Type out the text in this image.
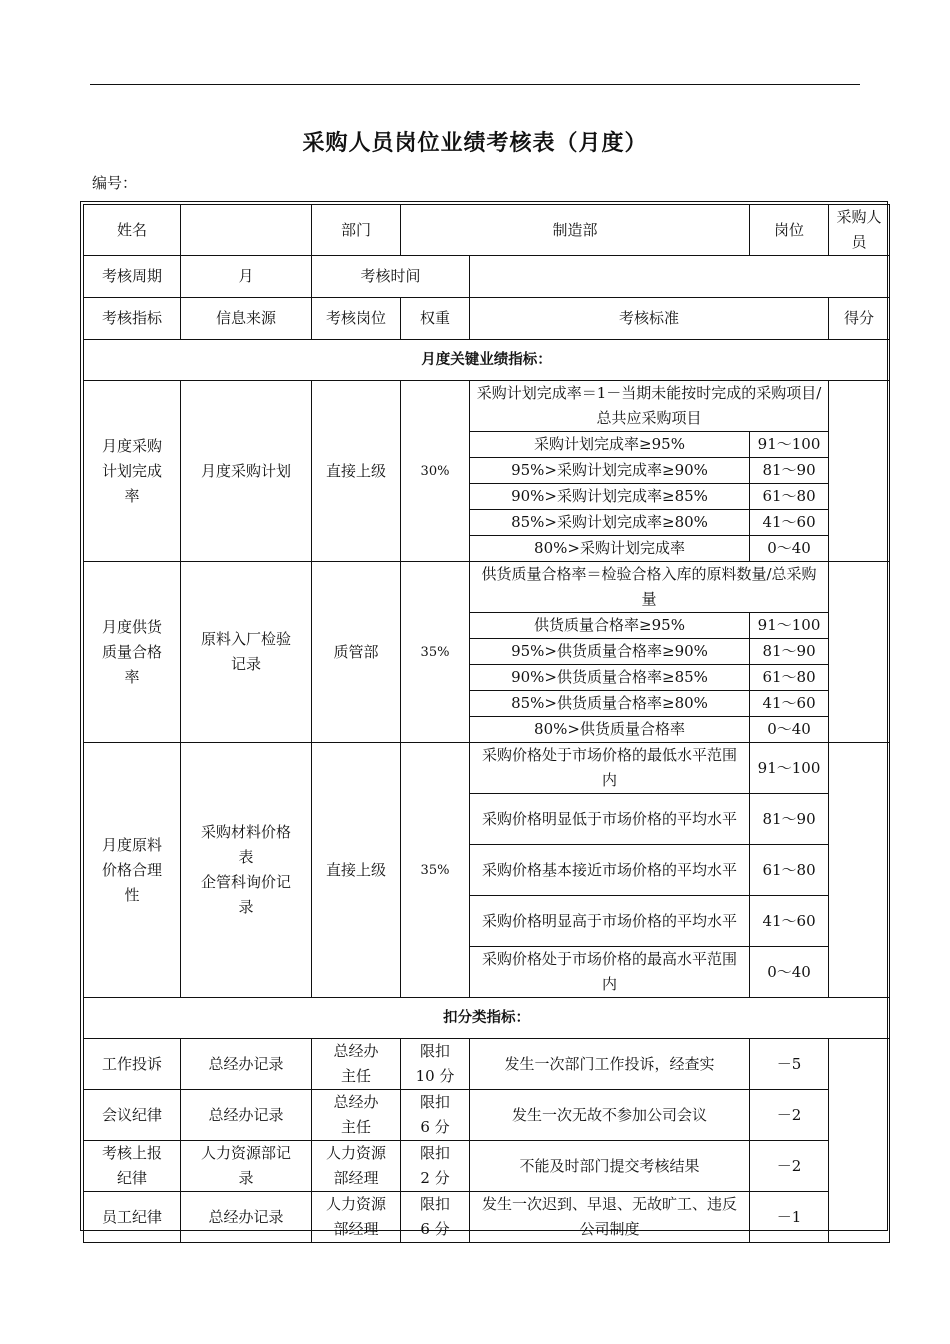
采购人员岗位业绩考核表（月度）
编号：
姓名		部门	制造部		岗位	采购人员
考核周期	月	考核时间				
考核指标	信息来源	考核岗位	权重	考核标准		得分
月度关键业绩指标：						

月度采购
计划完成
率	月度采购计划	直接上级	30%	采购计划完成率＝1－当期未能按时完成的采购项目/总共应采购项目		
				采购计划完成率≥95%	91～100	
				95%>采购计划完成率≥90%	81～90	
				90%>采购计划完成率≥85%	61～80	
				85%>采购计划完成率≥80%	41～60	
				80%>采购计划完成率	0～40	

月度供货
质量合格
率	原料入厂检验
记录	质管部	35%	供货质量合格率＝检验合格入库的原料数量/总采购量		
				供货质量合格率≥95%	91～100	
				95%>供货质量合格率≥90%	81～90	
				90%>供货质量合格率≥85%	61～80	
				85%>供货质量合格率≥80%	41～60	
				80%>供货质量合格率	0～40	

月度原料
价格合理
性	采购材料价格
表
企管科询价记
录	直接上级	35%	采购价格处于市场价格的最低水平范围内	91～100	
				采购价格明显低于市场价格的平均水平	81～90	
				采购价格基本接近市场价格的平均水平	61～80	
				采购价格明显高于市场价格的平均水平	41～60	
				采购价格处于市场价格的最高水平范围内	0～40	
扣分类指标：						

工作投诉	总经办记录	总经办
主任	限扣
10 分	发生一次部门工作投诉，经查实	－5	

会议纪律	总经办记录	总经办
主任	限扣
6 分	发生一次无故不参加公司会议	－2	

考核上报
纪律	人力资源部记
录	人力资源
部经理	限扣
2 分	不能及时部门提交考核结果	－2	

员工纪律	总经办记录	人力资源
部经理	限扣
6 分	发生一次迟到、早退、无故旷工、违反公司制度	－1	
